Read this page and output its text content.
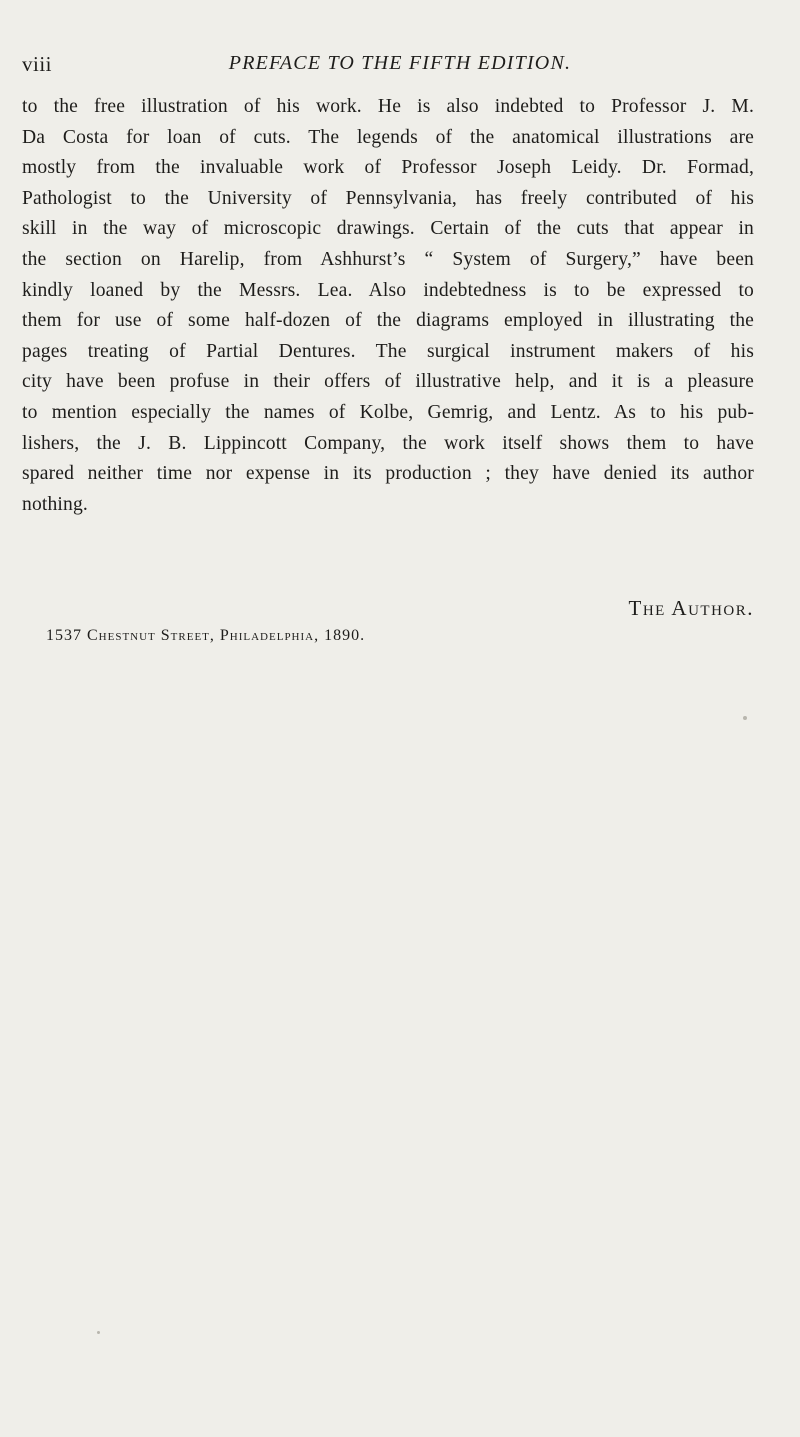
viii	PREFACE TO THE FIFTH EDITION.
to the free illustration of his work. He is also indebted to Professor J. M.
Da Costa for loan of cuts. The legends of the anatomical illustrations are
mostly from the invaluable work of Professor Joseph Leidy. Dr. Formad,
Pathologist to the University of Pennsylvania, has freely contributed of his
skill in the way of microscopic drawings. Certain of the cuts that appear in
the section on Harelip, from Ashhurst’s “ System of Surgery,” have been
kindly loaned by the Messrs. Lea. Also indebtedness is to be expressed to
them for use of some half-dozen of the diagrams employed in illustrating the
pages treating of Partial Dentures. The surgical instrument makers of his
city have been profuse in their offers of illustrative help, and it is a pleasure
to mention especially the names of Kolbe, Gemrig, and Lentz. As to his pub-
lishers, the J. B. Lippincott Company, the work itself shows them to have
spared neither time nor expense in its production ; they have denied its author
nothing.
The Author.
1537 Chestnut Street, Philadelphia, 1890.
